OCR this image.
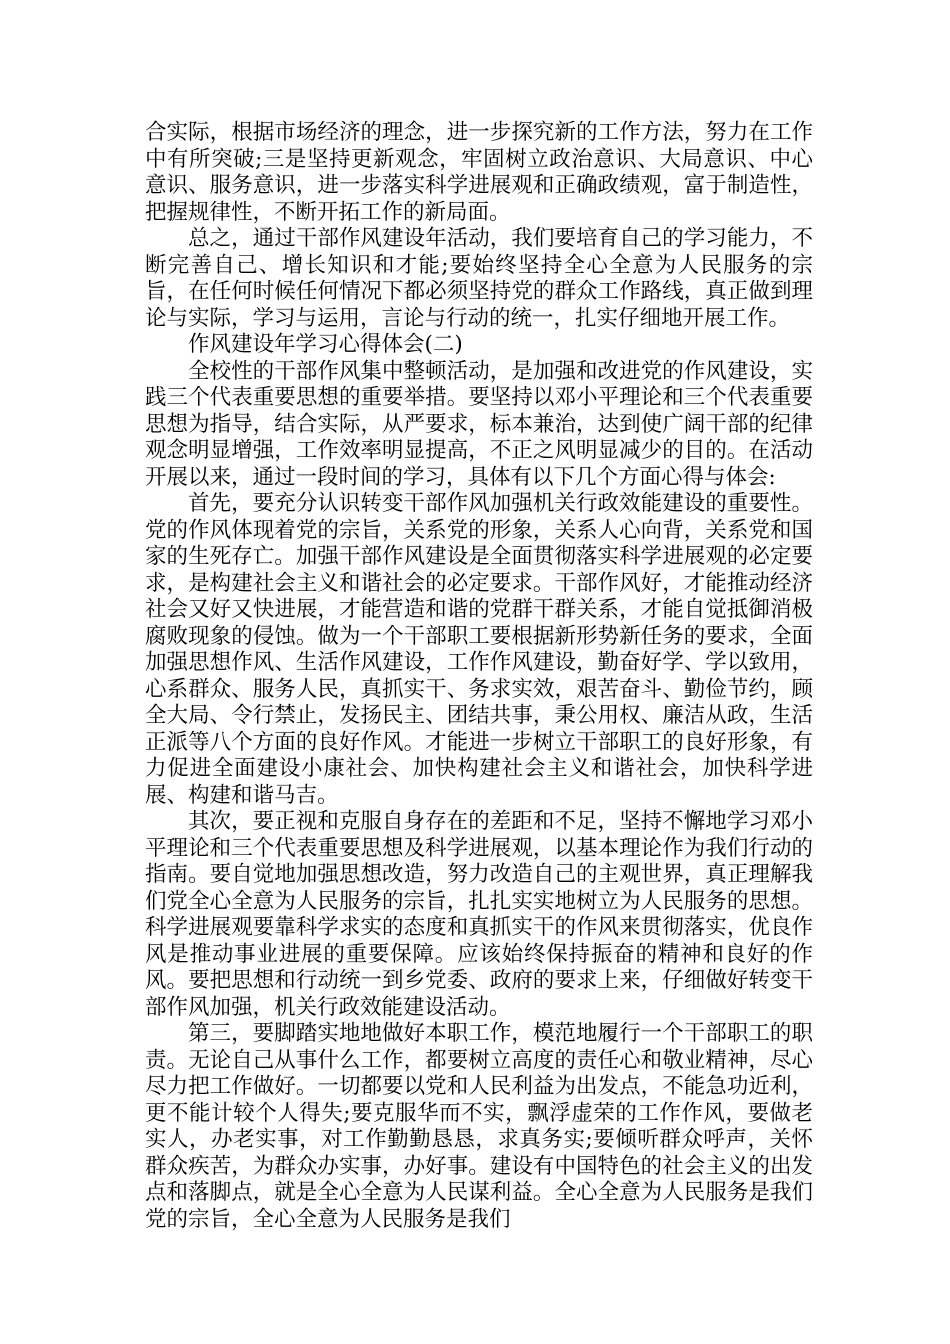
合实际，根据市场经济的理念，进一步探究新的工作方法，努力在工作中有所突破;三是坚持更新观念，牢固树立政治意识、大局意识、中心意识、服务意识，进一步落实科学进展观和正确政绩观，富于制造性，把握规律性，不断开拓工作的新局面。

总之，通过干部作风建设年活动，我们要培育自己的学习能力，不断完善自己、增长知识和才能;要始终坚持全心全意为人民服务的宗旨，在任何时候任何情况下都必须坚持党的群众工作路线，真正做到理论与实际，学习与运用，言论与行动的统一，扎实仔细地开展工作。

作风建设年学习心得体会(二)

全校性的干部作风集中整顿活动，是加强和改进党的作风建设，实践三个代表重要思想的重要举措。要坚持以邓小平理论和三个代表重要思想为指导，结合实际，从严要求，标本兼治，达到使广阔干部的纪律观念明显增强，工作效率明显提高，不正之风明显减少的目的。在活动开展以来，通过一段时间的学习，具体有以下几个方面心得与体会:

首先，要充分认识转变干部作风加强机关行政效能建设的重要性。党的作风体现着党的宗旨，关系党的形象，关系人心向背，关系党和国家的生死存亡。加强干部作风建设是全面贯彻落实科学进展观的必定要求，是构建社会主义和谐社会的必定要求。干部作风好，才能推动经济社会又好又快进展，才能营造和谐的党群干群关系，才能自觉抵御消极腐败现象的侵蚀。做为一个干部职工要根据新形势新任务的要求，全面加强思想作风、生活作风建设，工作作风建设，勤奋好学、学以致用，心系群众、服务人民，真抓实干、务求实效，艰苦奋斗、勤俭节约，顾全大局、令行禁止，发扬民主、团结共事，秉公用权、廉洁从政，生活正派等八个方面的良好作风。才能进一步树立干部职工的良好形象，有力促进全面建设小康社会、加快构建社会主义和谐社会，加快科学进展、构建和谐马吉。

其次，要正视和克服自身存在的差距和不足，坚持不懈地学习邓小平理论和三个代表重要思想及科学进展观，以基本理论作为我们行动的指南。要自觉地加强思想改造，努力改造自己的主观世界，真正理解我们党全心全意为人民服务的宗旨，扎扎实实地树立为人民服务的思想。科学进展观要靠科学求实的态度和真抓实干的作风来贯彻落实，优良作风是推动事业进展的重要保障。应该始终保持振奋的精神和良好的作风。要把思想和行动统一到乡党委、政府的要求上来，仔细做好转变干部作风加强，机关行政效能建设活动。

第三，要脚踏实地地做好本职工作，模范地履行一个干部职工的职责。无论自己从事什么工作，都要树立高度的责任心和敬业精神，尽心尽力把工作做好。一切都要以党和人民利益为出发点，不能急功近利，更不能计较个人得失;要克服华而不实，飘浮虚荣的工作作风，要做老实人，办老实事，对工作勤勤恳恳，求真务实;要倾听群众呼声，关怀群众疾苦，为群众办实事，办好事。建设有中国特色的社会主义的出发点和落脚点，就是全心全意为人民谋利益。全心全意为人民服务是我们党的宗旨，全心全意为人民服务是我们
